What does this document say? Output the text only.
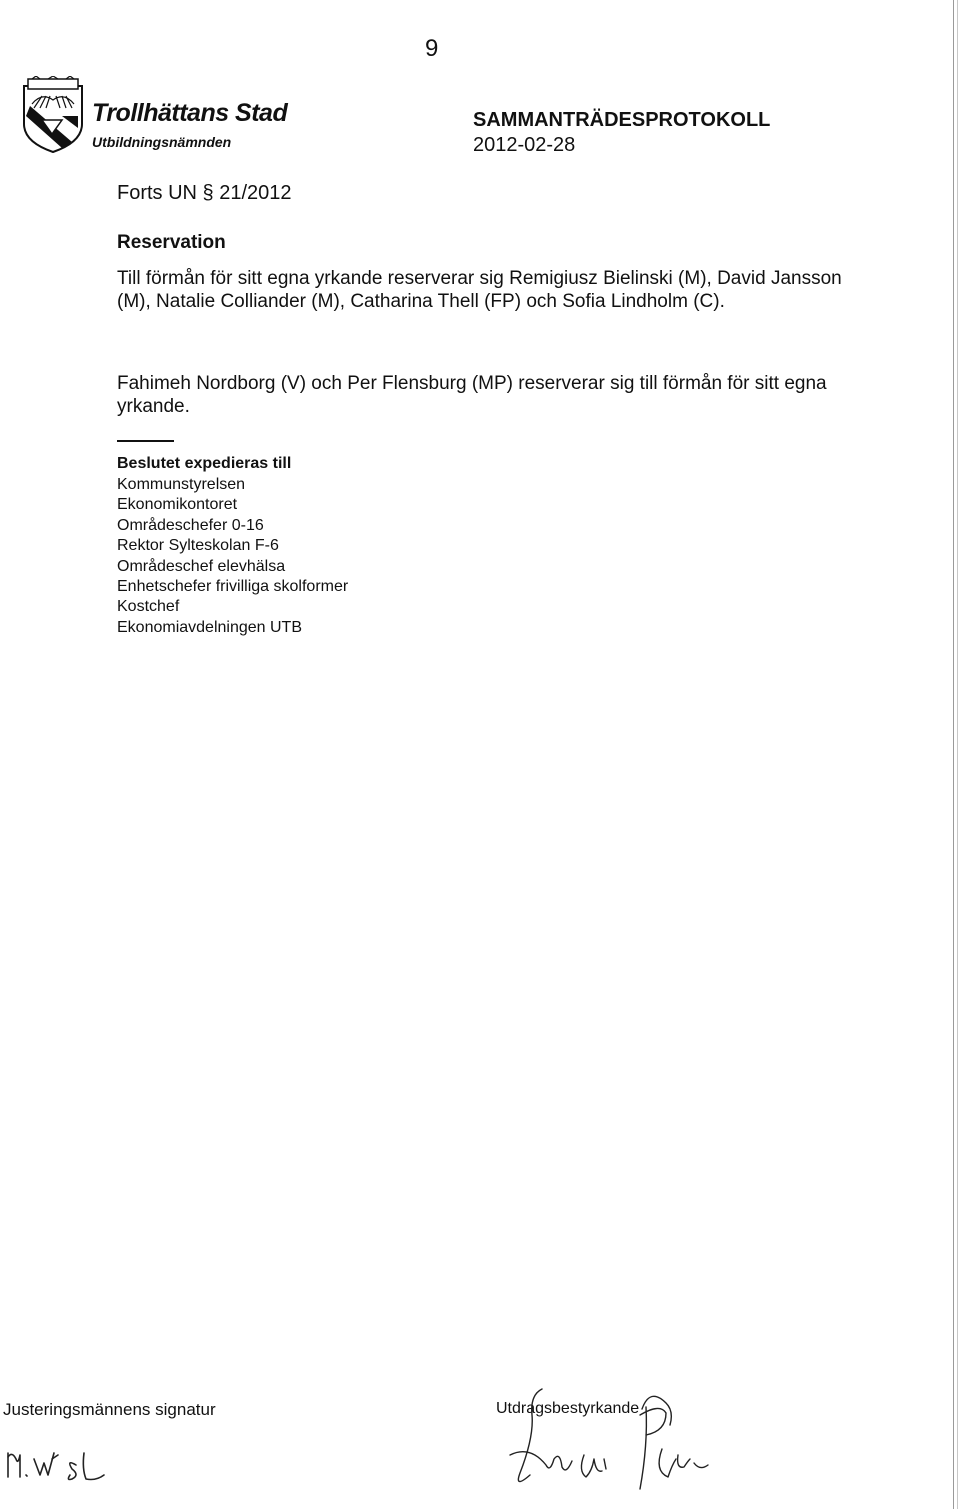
9
Trollhättans Stad
Utbildningsnämnden
SAMMANTRÄDESPROTOKOLL
2012-02-28
Forts UN § 21/2012
Reservation
Till förmån för sitt egna yrkande reserverar sig Remigiusz Bielinski (M), David Jansson (M), Natalie Colliander (M), Catharina Thell (FP) och Sofia Lindholm (C).
Fahimeh Nordborg (V) och Per Flensburg (MP) reserverar sig till förmån för sitt egna yrkande.
Beslutet expedieras till
Kommunstyrelsen
Ekonomikontoret
Områdeschefer 0-16
Rektor Sylteskolan F-6
Områdeschef elevhälsa
Enhetschefer frivilliga skolformer
Kostchef
Ekonomiavdelningen UTB
Justeringsmännens signatur	Utdragsbestyrkande
